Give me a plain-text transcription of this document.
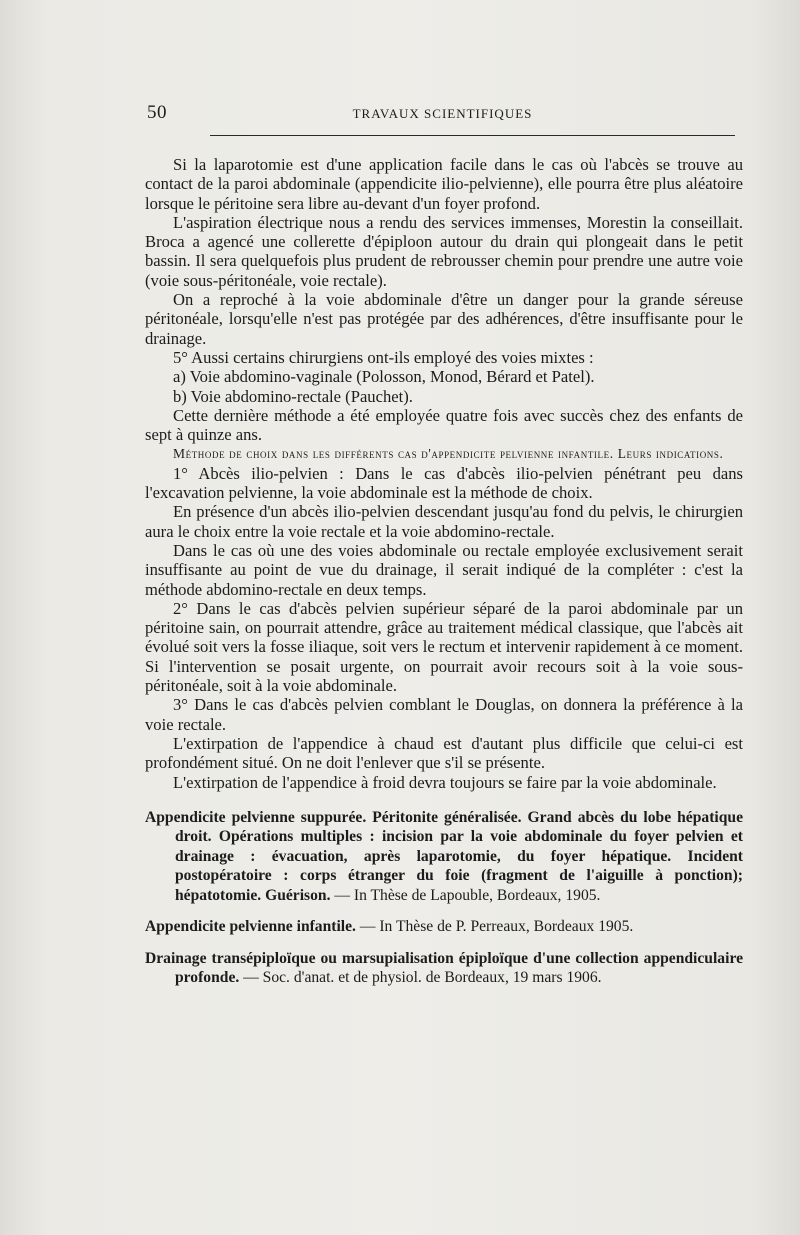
50	TRAVAUX SCIENTIFIQUES

Si la laparotomie est d'une application facile dans le cas où l'abcès se trouve au contact de la paroi abdominale (appendicite ilio-pelvienne), elle pourra être plus aléatoire lorsque le péritoine sera libre au-devant d'un foyer profond.

L'aspiration électrique nous a rendu des services immenses, Morestin la conseillait. Broca a agencé une collerette d'épiploon autour du drain qui plongeait dans le petit bassin. Il sera quelquefois plus prudent de rebrousser chemin pour prendre une autre voie (voie sous-péritonéale, voie rectale).

On a reproché à la voie abdominale d'être un danger pour la grande séreuse péritonéale, lorsqu'elle n'est pas protégée par des adhérences, d'être insuffisante pour le drainage.

5° Aussi certains chirurgiens ont-ils employé des voies mixtes :

a) Voie abdomino-vaginale (Polosson, Monod, Bérard et Patel).

b) Voie abdomino-rectale (Pauchet).

Cette dernière méthode a été employée quatre fois avec succès chez des enfants de sept à quinze ans.

Méthode de choix dans les différents cas d'appendicite pelvienne infantile. Leurs indications.

1° Abcès ilio-pelvien : Dans le cas d'abcès ilio-pelvien pénétrant peu dans l'excavation pelvienne, la voie abdominale est la méthode de choix.

En présence d'un abcès ilio-pelvien descendant jusqu'au fond du pelvis, le chirurgien aura le choix entre la voie rectale et la voie abdomino-rectale.

Dans le cas où une des voies abdominale ou rectale employée exclusivement serait insuffisante au point de vue du drainage, il serait indiqué de la compléter : c'est la méthode abdomino-rectale en deux temps.

2° Dans le cas d'abcès pelvien supérieur séparé de la paroi abdominale par un péritoine sain, on pourrait attendre, grâce au traitement médical classique, que l'abcès ait évolué soit vers la fosse iliaque, soit vers le rectum et intervenir rapidement à ce moment. Si l'intervention se posait urgente, on pourrait avoir recours soit à la voie sous-péritonéale, soit à la voie abdominale.

3° Dans le cas d'abcès pelvien comblant le Douglas, on donnera la préférence à la voie rectale.

L'extirpation de l'appendice à chaud est d'autant plus difficile que celui-ci est profondément situé. On ne doit l'enlever que s'il se présente.

L'extirpation de l'appendice à froid devra toujours se faire par la voie abdominale.

Appendicite pelvienne suppurée. Péritonite généralisée. Grand abcès du lobe hépatique droit. Opérations multiples : incision par la voie abdominale du foyer pelvien et drainage : évacuation, après laparotomie, du foyer hépatique. Incident postopératoire : corps étranger du foie (fragment de l'aiguille à ponction); hépatotomie. Guérison. — In Thèse de Lapouble, Bordeaux, 1905.

Appendicite pelvienne infantile. — In Thèse de P. Perreaux, Bordeaux 1905.

Drainage transépiploïque ou marsupialisation épiploïque d'une collection appendiculaire profonde. — Soc. d'anat. et de physiol. de Bordeaux, 19 mars 1906.
